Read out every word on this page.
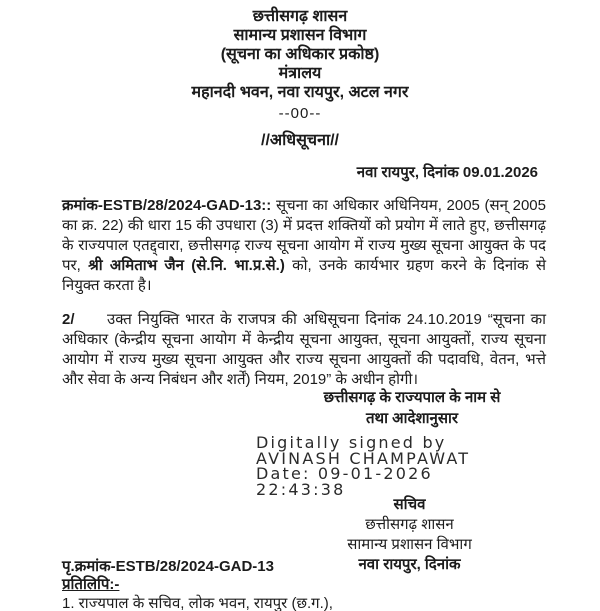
छत्तीसगढ़ शासन
सामान्य प्रशासन विभाग
(सूचना का अधिकार प्रकोष्ठ)
मंत्रालय
महानदी भवन, नवा रायपुर, अटल नगर
--00--
//अधिसूचना//
नवा रायपुर, दिनांक 09.01.2026

क्रमांक-ESTB/28/2024-GAD-13:: सूचना का अधिकार अधिनियम, 2005 (सन् 2005 का क्र. 22) की धारा 15 की उपधारा (3) में प्रदत्त शक्तियों को प्रयोग में लाते हुए, छत्तीसगढ़ के राज्यपाल एतद्द्वारा, छत्तीसगढ़ राज्य सूचना आयोग में राज्य मुख्य सूचना आयुक्त के पद पर, श्री अमिताभ जैन (से.नि. भा.प्र.से.) को, उनके कार्यभार ग्रहण करने के दिनांक से नियुक्त करता है।

2/ उक्त नियुक्ति भारत के राजपत्र की अधिसूचना दिनांक 24.10.2019 “सूचना का अधिकार (केन्द्रीय सूचना आयोग में केन्द्रीय सूचना आयुक्त, सूचना आयुक्तों, राज्य सूचना आयोग में राज्य मुख्य सूचना आयुक्त और राज्य सूचना आयुक्तों की पदावधि, वेतन, भत्ते और सेवा के अन्य निबंधन और शर्तें) नियम, 2019” के अधीन होगी।

छत्तीसगढ़ के राज्यपाल के नाम से
तथा आदेशानुसार
Digitally signed by
AVINASH CHAMPAWAT
Date: 09-01-2026
22:43:38
सचिव
छत्तीसगढ़ शासन
सामान्य प्रशासन विभाग
नवा रायपुर, दिनांक
पृ.क्रमांक-ESTB/28/2024-GAD-13
प्रतिलिपि:-
1. राज्यपाल के सचिव, लोक भवन, रायपुर (छ.ग.),
